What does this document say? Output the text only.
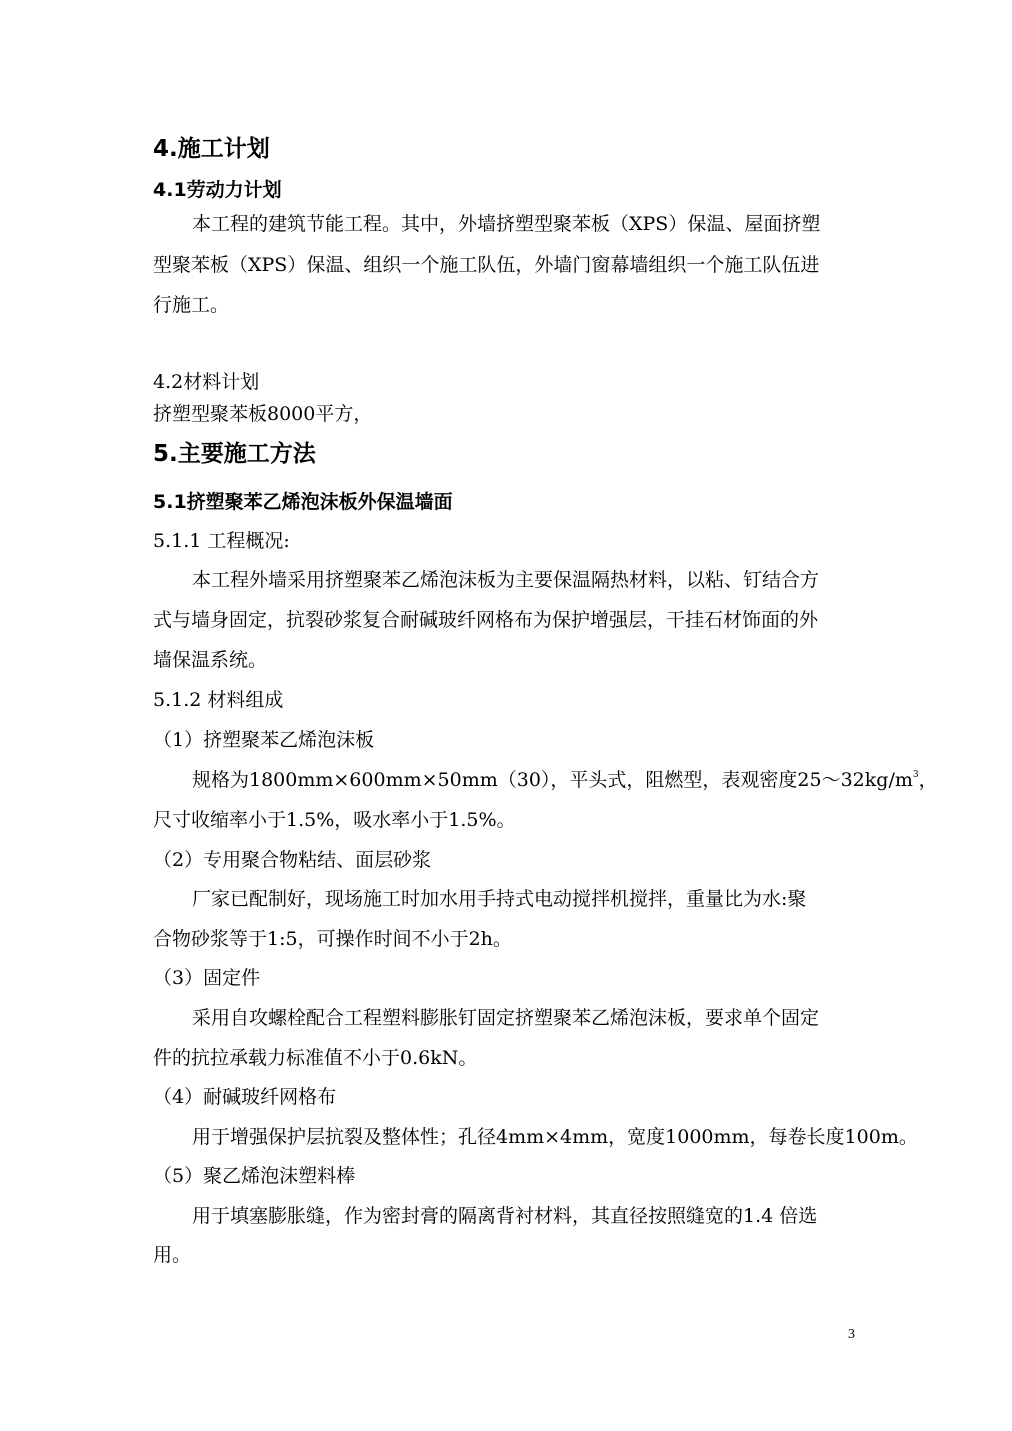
4.施工计划
4.1劳动力计划
本工程的建筑节能工程。其中，外墙挤塑型聚苯板（XPS）保温、屋面挤塑
型聚苯板（XPS）保温、组织一个施工队伍，外墙门窗幕墙组织一个施工队伍进
行施工。
4.2材料计划
挤塑型聚苯板8000平方，
5.主要施工方法
5.1挤塑聚苯乙烯泡沫板外保温墙面
5.1.1 工程概况:
本工程外墙采用挤塑聚苯乙烯泡沫板为主要保温隔热材料，以粘、钉结合方
式与墙身固定，抗裂砂浆复合耐碱玻纤网格布为保护增强层，干挂石材饰面的外
墙保温系统。
5.1.2 材料组成
（1）挤塑聚苯乙烯泡沫板
规格为1800mm×600mm×50mm（30），平头式，阻燃型，表观密度$25\sim 32kg/m^3$，
尺寸收缩率小于1.5%，吸水率小于1.5%。
（2）专用聚合物粘结、面层砂浆
厂家已配制好，现场施工时加水用手持式电动搅拌机搅拌，重量比为水:聚
合物砂浆等于1:5，可操作时间不小于2h。
（3）固定件
采用自攻螺栓配合工程塑料膨胀钉固定挤塑聚苯乙烯泡沫板，要求单个固定
件的抗拉承载力标准值不小于0.6kN。
（4）耐碱玻纤网格布
用于增强保护层抗裂及整体性；孔径4mm×4mm，宽度1000mm，每卷长度100m。
（5）聚乙烯泡沫塑料棒
用于填塞膨胀缝，作为密封膏的隔离背衬材料，其直径按照缝宽的1.4 倍选
用。
3
